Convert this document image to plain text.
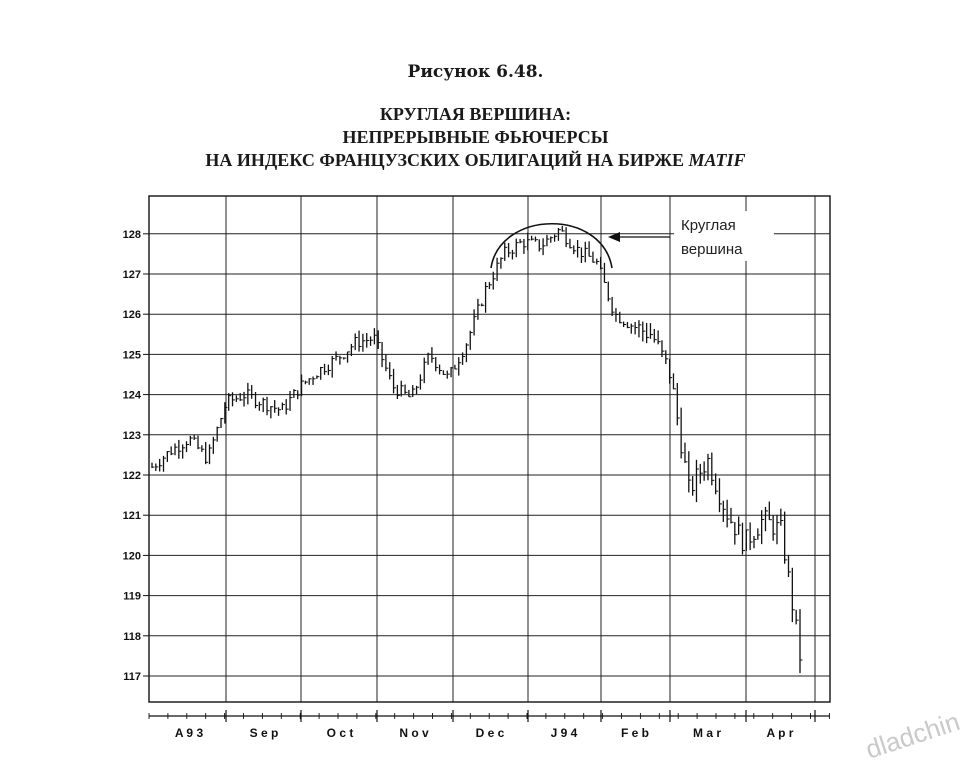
Рисунок 6.48.
КРУГЛАЯ ВЕРШИНА:
НЕПРЕРЫВНЫЕ ФЬЮЧЕРСЫ
НА ИНДЕКС ФРАНЦУЗСКИХ ОБЛИГАЦИЙ НА БИРЖЕ MATIF
117
118
119
120
121
122
123
124
125
126
127
128
A 9 3	S e p	O c t	N o v	D e c	J 9 4	F e b	M a r	A p r
Круглая
вершина
dladchin
